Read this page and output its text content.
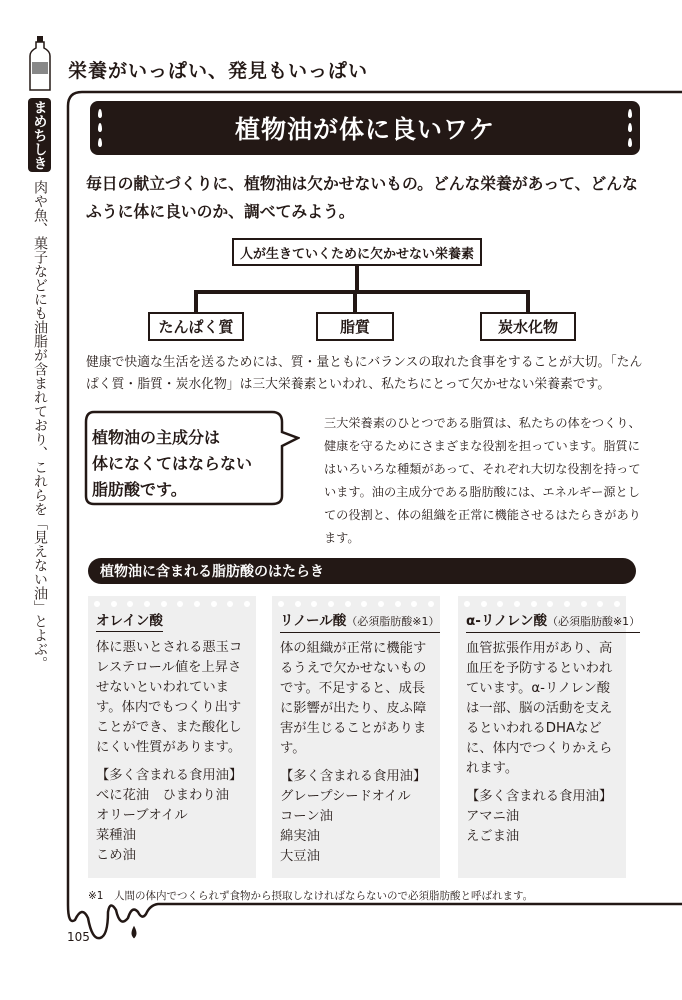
栄養がいっぱい、発見もいっぱい
まめちしき
肉や魚、菓子などにも油脂が含まれており、これらを「見えない油」とよぶ。
植物油が体に良いワケ
毎日の献立づくりに、植物油は欠かせないもの。どんな栄養があって、どんなふうに体に良いのか、調べてみよう。
人が生きていくために欠かせない栄養素
たんぱく質	脂質	炭水化物
健康で快適な生活を送るためには、質・量ともにバランスの取れた食事をすることが大切。「たんぱく質・脂質・炭水化物」は三大栄養素といわれ、私たちにとって欠かせない栄養素です。
植物油の主成分は
体になくてはならない
脂肪酸です。
三大栄養素のひとつである脂質は、私たちの体をつくり、健康を守るためにさまざまな役割を担っています。脂質にはいろいろな種類があって、それぞれ大切な役割を持っています。油の主成分である脂肪酸には、エネルギー源としての役割と、体の組織を正常に機能させるはたらきがあります。
植物油に含まれる脂肪酸のはたらき
オレイン酸

体に悪いとされる悪玉コレステロール値を上昇させないといわれています。体内でもつくり出すことができ、また酸化しにくい性質があります。

【多く含まれる食用油】
べに花油　ひまわり油
オリーブオイル
菜種油
こめ油
リノール酸（必須脂肪酸※1）

体の組織が正常に機能するうえで欠かせないものです。不足すると、成長に影響が出たり、皮ふ障害が生じることがあります。

【多く含まれる食用油】
グレープシードオイル
コーン油
綿実油
大豆油
α-リノレン酸（必須脂肪酸※1）

血管拡張作用があり、高血圧を予防するといわれています。α-リノレン酸は一部、脳の活動を支えるといわれるDHAなどに、体内でつくりかえられます。

【多く含まれる食用油】
アマニ油
えごま油
※1　人間の体内でつくられず食物から摂取しなければならないので必須脂肪酸と呼ばれます。
105
